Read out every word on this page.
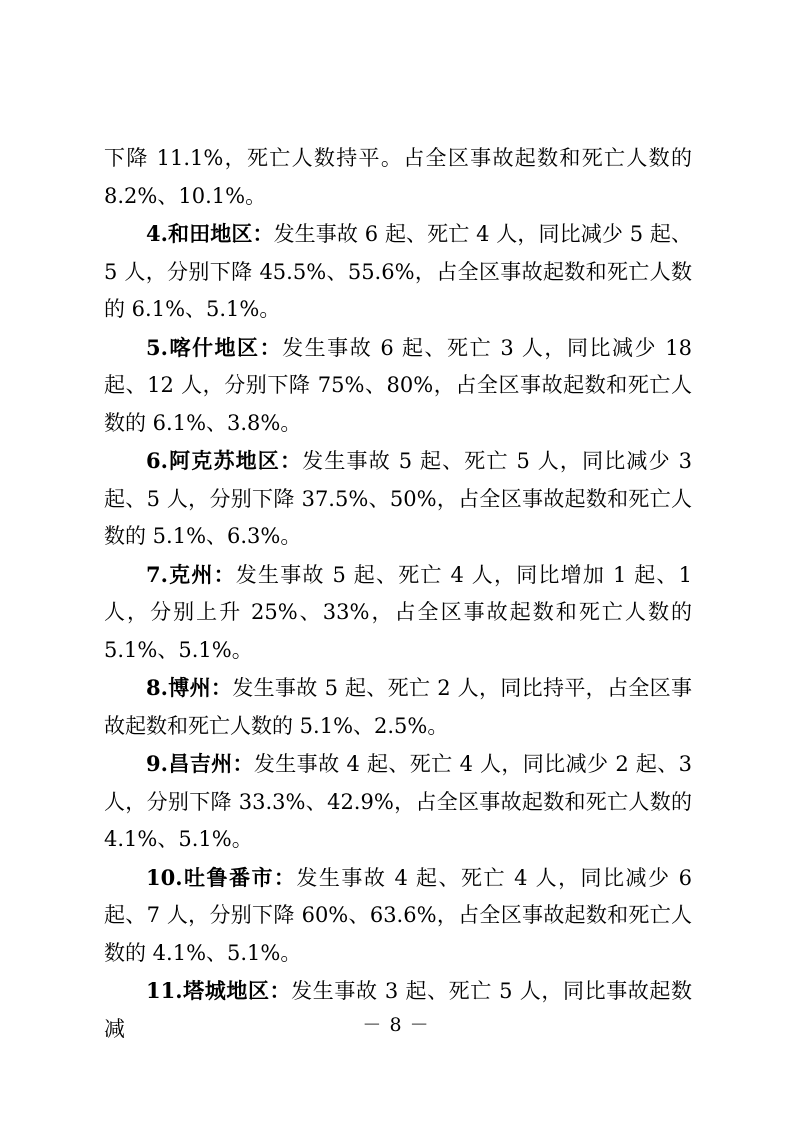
下降 11.1%，死亡人数持平。占全区事故起数和死亡人数的 8.2%、10.1%。

4.和田地区：发生事故 6 起、死亡 4 人，同比减少 5 起、5 人，分别下降 45.5%、55.6%，占全区事故起数和死亡人数的 6.1%、5.1%。

5.喀什地区：发生事故 6 起、死亡 3 人，同比减少 18 起、12 人，分别下降 75%、80%，占全区事故起数和死亡人数的 6.1%、3.8%。

6.阿克苏地区：发生事故 5 起、死亡 5 人，同比减少 3 起、5 人，分别下降 37.5%、50%，占全区事故起数和死亡人数的 5.1%、6.3%。

7.克州：发生事故 5 起、死亡 4 人，同比增加 1 起、1 人，分别上升 25%、33%，占全区事故起数和死亡人数的 5.1%、5.1%。

8.博州：发生事故 5 起、死亡 2 人，同比持平，占全区事故起数和死亡人数的 5.1%、2.5%。

9.昌吉州：发生事故 4 起、死亡 4 人，同比减少 2 起、3 人，分别下降 33.3%、42.9%，占全区事故起数和死亡人数的 4.1%、5.1%。

10.吐鲁番市：发生事故 4 起、死亡 4 人，同比减少 6 起、7 人，分别下降 60%、63.6%，占全区事故起数和死亡人数的 4.1%、5.1%。

11.塔城地区：发生事故 3 起、死亡 5 人，同比事故起数减	－ 8 －
